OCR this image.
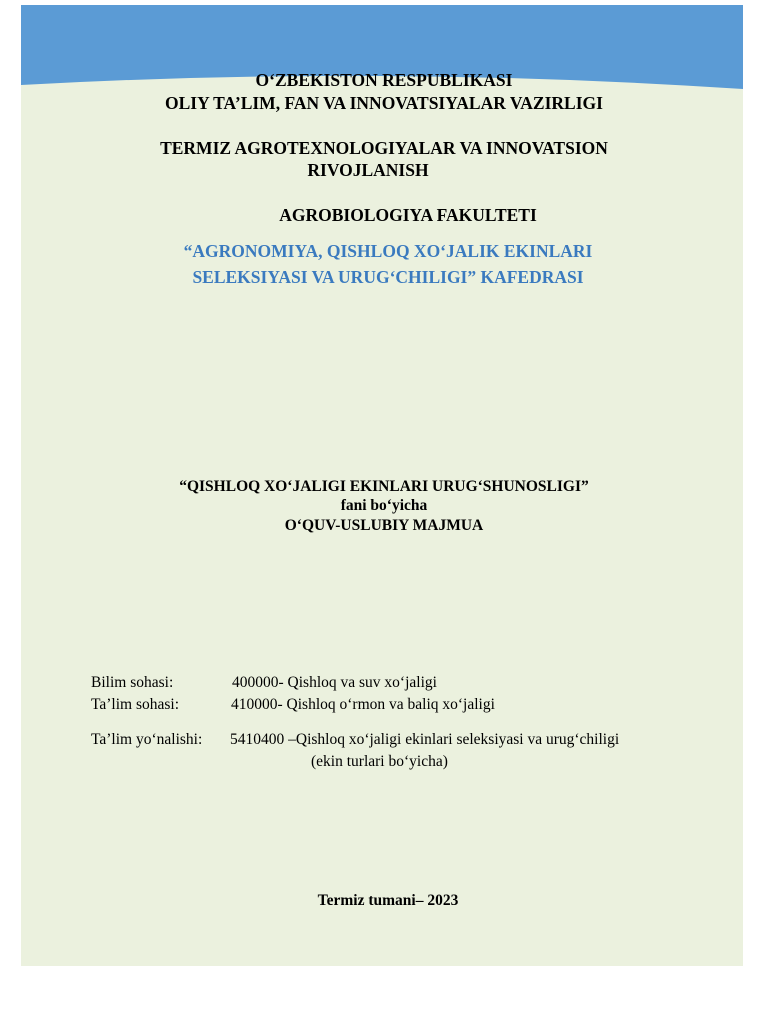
O‘ZBEKISTON RESPUBLIKASI
OLIY TA’LIM, FAN VA INNOVATSIYALAR VAZIRLIGI
TERMIZ AGROTEXNOLOGIYALAR VA INNOVATSION
RIVOJLANISH
AGROBIOLOGIYA FAKULTETI
“AGRONOMIYA, QISHLOQ XO‘JALIK EKINLARI
SELEKSIYASI VA URUG‘CHILIGI” KAFEDRASI
“QISHLOQ XO‘JALIGI EKINLARI URUG‘SHUNOSLIGI”
fani bo‘yicha
O‘QUV-USLUBIY MAJMUA
Bilim sohasi:	400000- Qishloq va suv xo‘jaligi
Ta’lim sohasi:	410000- Qishloq o‘rmon va baliq xo‘jaligi
Ta’lim yo‘nalishi: 5410400 –Qishloq xo‘jaligi ekinlari seleksiyasi va urug‘chiligi
(ekin turlari bo‘yicha)
Termiz tumani– 2023
